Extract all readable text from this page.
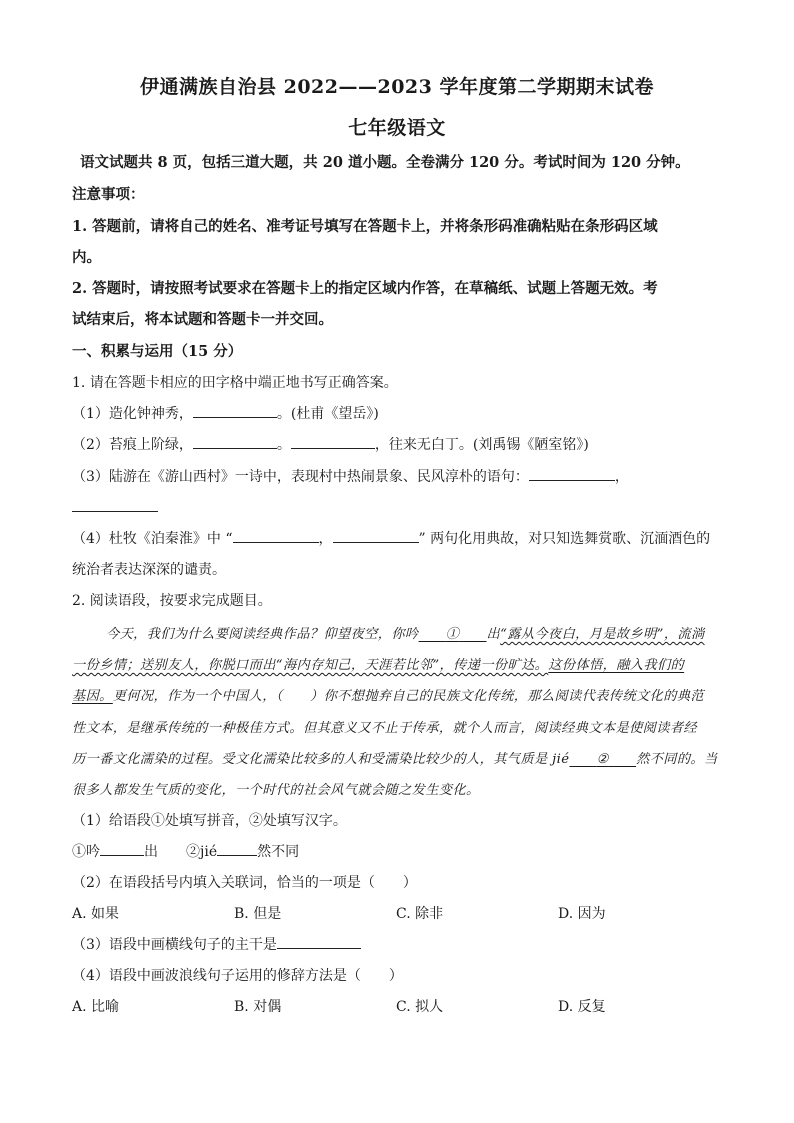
伊通满族自治县 2022——2023 学年度第二学期期末试卷
七年级语文
语文试题共 8 页，包括三道大题，共 20 道小题。全卷满分 120 分。考试时间为 120 分钟。
注意事项：
1. 答题前，请将自己的姓名、准考证号填写在答题卡上，并将条形码准确粘贴在条形码区域
内。
2. 答题时，请按照考试要求在答题卡上的指定区域内作答，在草稿纸、试题上答题无效。考
试结束后，将本试题和答题卡一并交回。
一、积累与运用（15 分）
1. 请在答题卡相应的田字格中端正地书写正确答案。
（1）造化钟神秀，	。(杜甫《望岳》)
（2）苔痕上阶绿，	。	，往来无白丁。(刘禹锡《陋室铭》)
（3）陆游在《游山西村》一诗中，表现村中热闹景象、民风淳朴的语句：	，
（4）杜牧《泊秦淮》中 “	，	” 两句化用典故，对只知选舞赏歌、沉湎酒色的
统治者表达深深的谴责。
2. 阅读语段，按要求完成题目。
今天，我们为什么要阅读经典作品？仰望夜空，你吟   ①   出“露从今夜白，月是故乡明”，流淌
一份乡情；送别友人，你脱口而出“海内存知己，天涯若比邻”，传递一份旷达。这份体悟，融入我们的
基因。更何况，作为一个中国人，（　　）你不想抛弃自己的民族文化传统，那么阅读代表传统文化的典范
性文本，是继承传统的一种极佳方式。但其意义又不止于传承，就个人而言，阅读经典文本是使阅读者经
历一番文化濡染的过程。受文化濡染比较多的人和受濡染比较少的人，其气质是 jié   ②   然不同的。当
很多人都发生气质的变化，一个时代的社会风气就会随之发生变化。
（1）给语段①处填写拼音，②处填写汉字。
①吟	出　　②jié	然不同
（2）在语段括号内填入关联词，恰当的一项是（　　）
A. 如果	B. 但是	C. 除非	D. 因为
（3）语段中画横线句子的主干是
（4）语段中画波浪线句子运用的修辞方法是（　　）
A. 比喻	B. 对偶	C. 拟人	D. 反复
